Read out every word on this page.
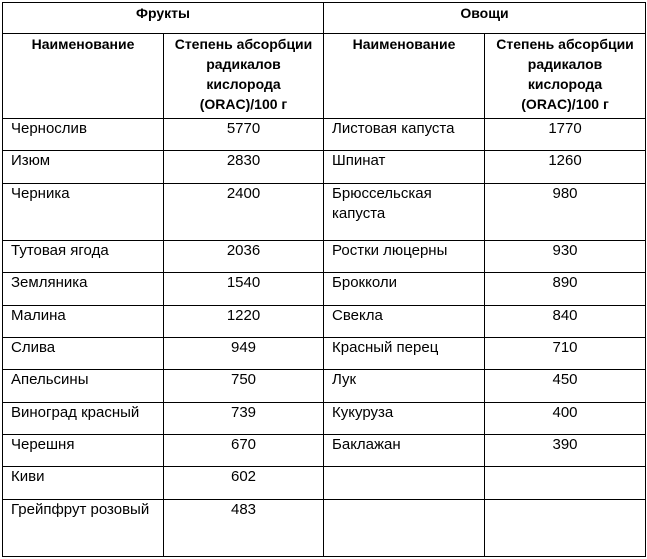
Фрукты		Овощи	
Наименование	Степень абсорбции радикалов кислорода (ORAC)/100 г	Наименование	Степень абсорбции радикалов кислорода (ORAC)/100 г
Чернослив	5770	Листовая капуста	1770
Изюм	2830	Шпинат	1260
Черника	2400	Брюссельская капуста	980
Тутовая ягода	2036	Ростки люцерны	930
Земляника	1540	Брокколи	890
Малина	1220	Свекла	840
Слива	949	Красный перец	710
Апельсины	750	Лук	450
Виноград красный	739	Кукуруза	400
Черешня	670	Баклажан	390
Киви	602		
Грейпфрут розовый	483		
